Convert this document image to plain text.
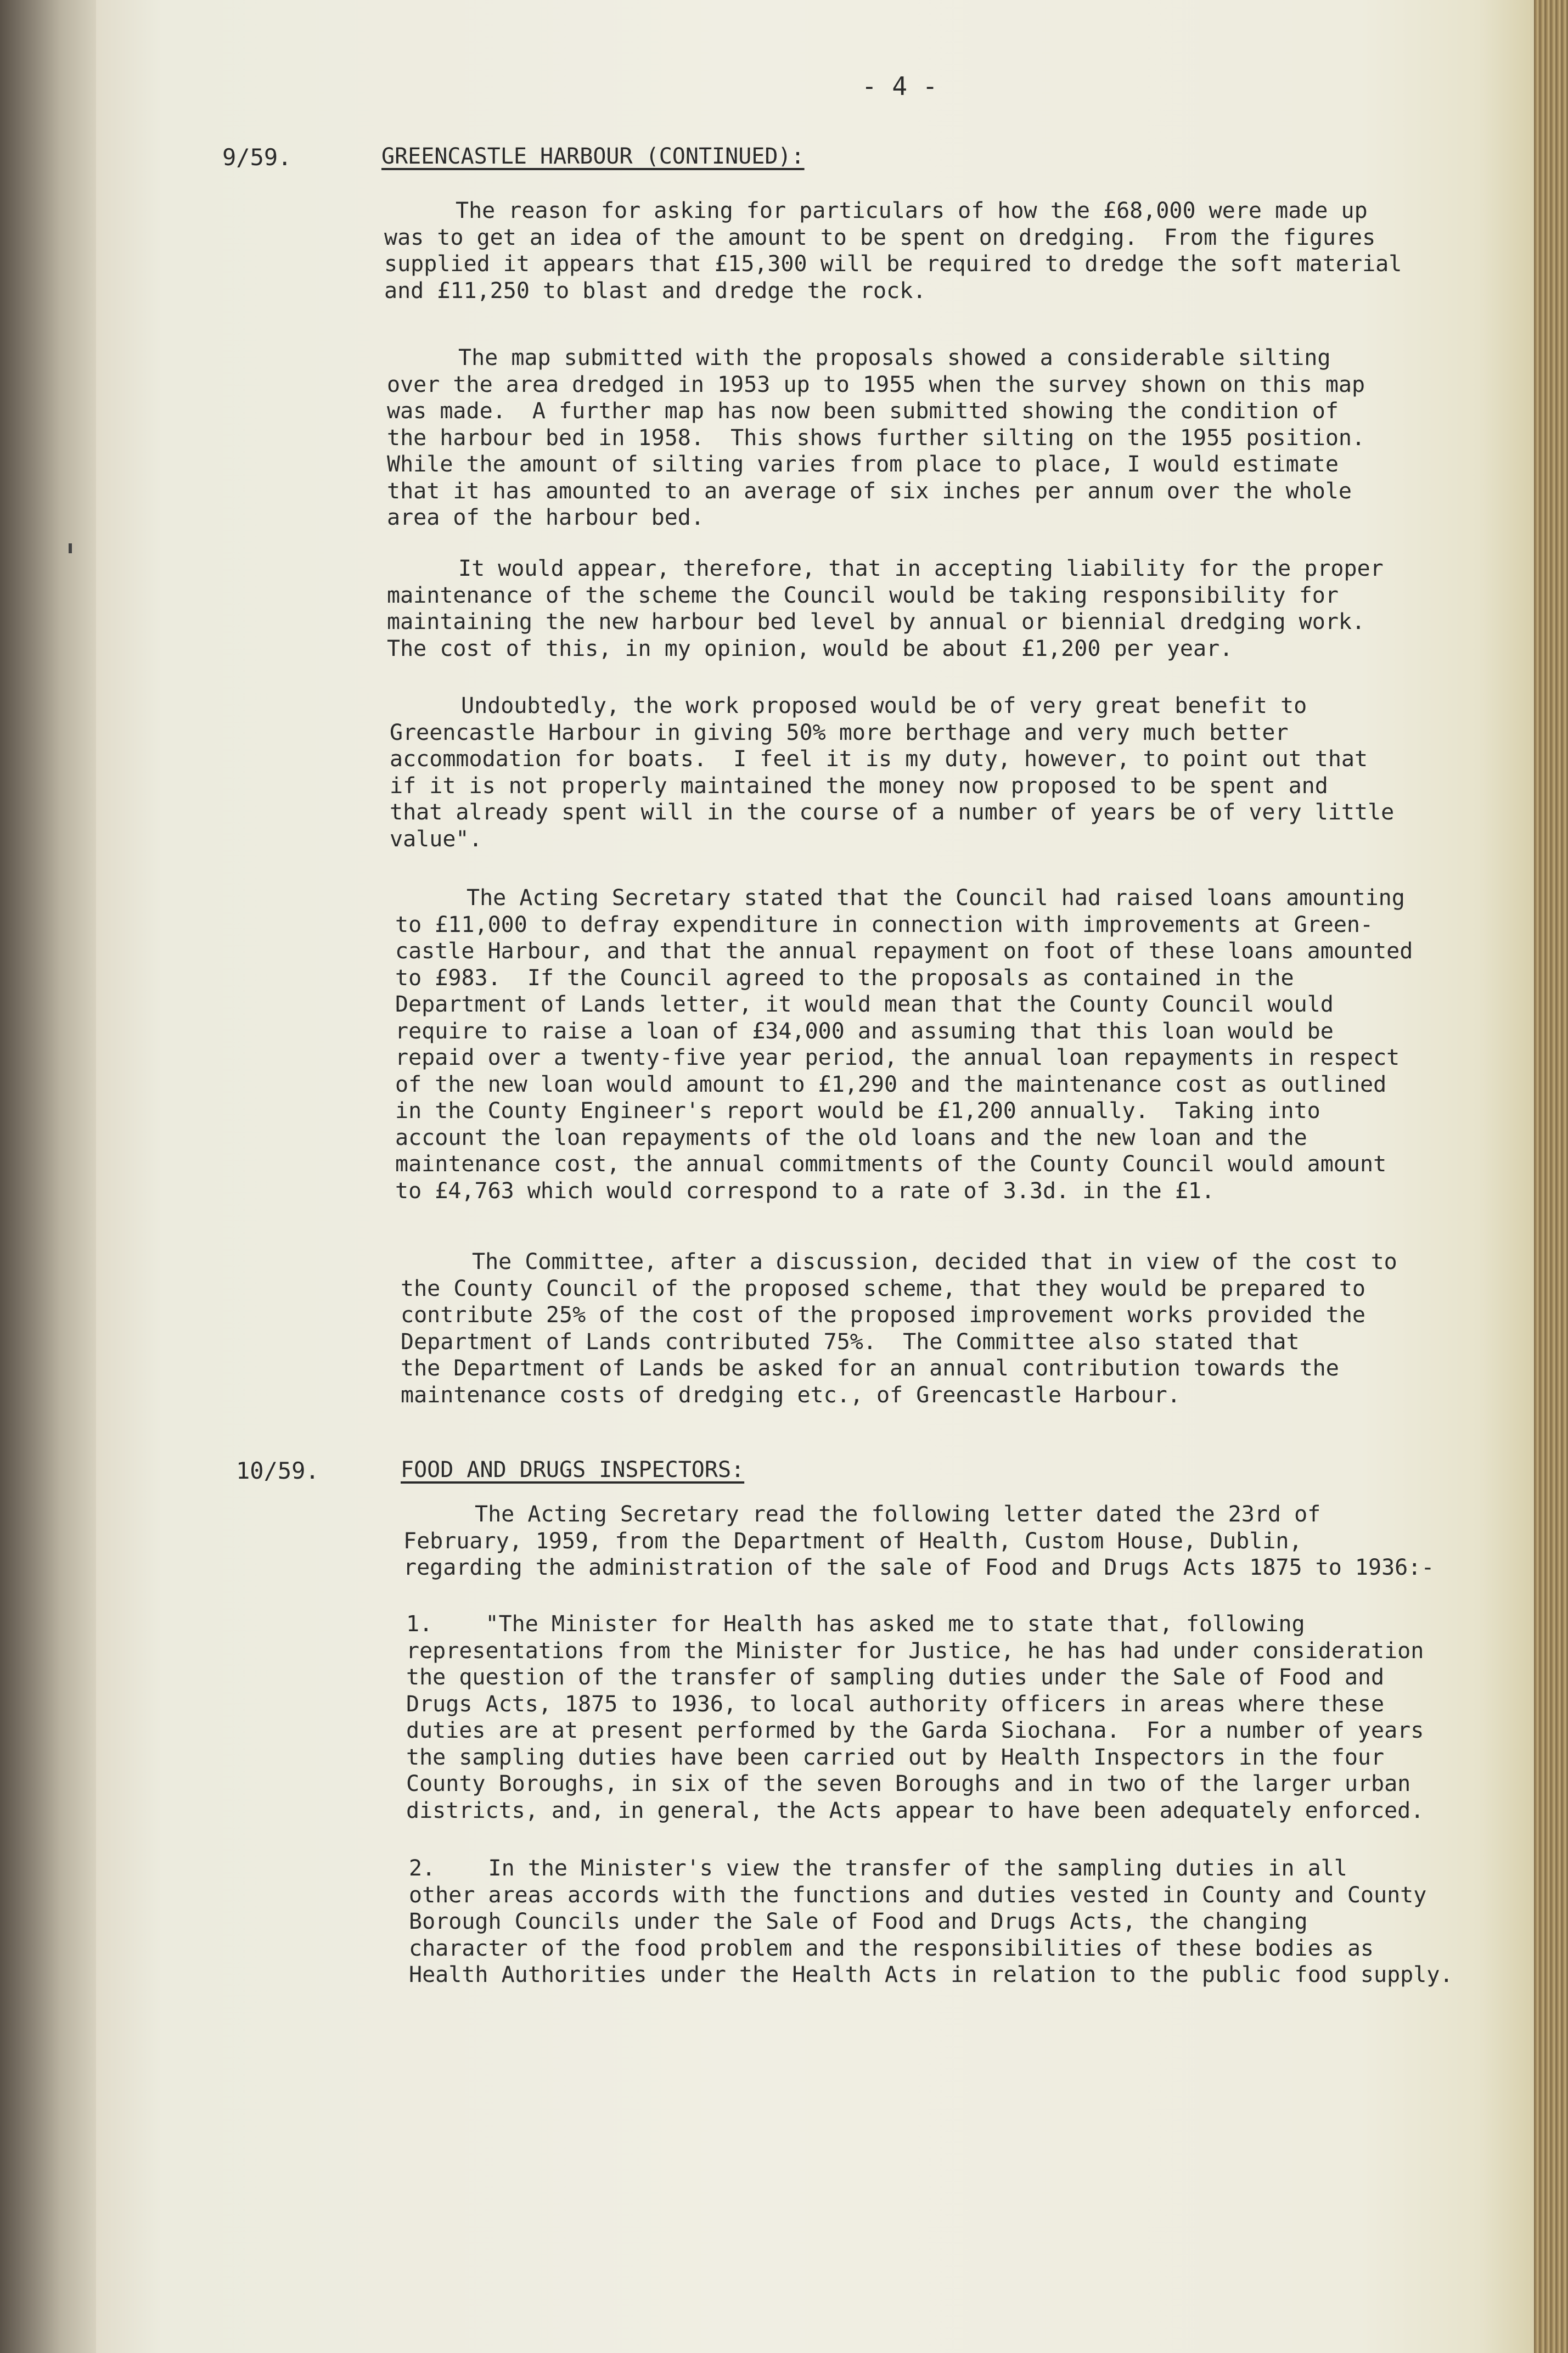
- 4 -
9/59.	GREENCASTLE HARBOUR (CONTINUED):
The reason for asking for particulars of how the £68,000 were made up
was to get an idea of the amount to be spent on dredging.  From the figures
supplied it appears that £15,300 will be required to dredge the soft material
and £11,250 to blast and dredge the rock.
The map submitted with the proposals showed a considerable silting
over the area dredged in 1953 up to 1955 when the survey shown on this map
was made.  A further map has now been submitted showing the condition of
the harbour bed in 1958.  This shows further silting on the 1955 position.
While the amount of silting varies from place to place, I would estimate
that it has amounted to an average of six inches per annum over the whole
area of the harbour bed.
It would appear, therefore, that in accepting liability for the proper
maintenance of the scheme the Council would be taking responsibility for
maintaining the new harbour bed level by annual or biennial dredging work.
The cost of this, in my opinion, would be about £1,200 per year.
Undoubtedly, the work proposed would be of very great benefit to
Greencastle Harbour in giving 50% more berthage and very much better
accommodation for boats.  I feel it is my duty, however, to point out that
if it is not properly maintained the money now proposed to be spent and
that already spent will in the course of a number of years be of very little
value".
The Acting Secretary stated that the Council had raised loans amounting
to £11,000 to defray expenditure in connection with improvements at Green-
castle Harbour, and that the annual repayment on foot of these loans amounted
to £983.  If the Council agreed to the proposals as contained in the
Department of Lands letter, it would mean that the County Council would
require to raise a loan of £34,000 and assuming that this loan would be
repaid over a twenty-five year period, the annual loan repayments in respect
of the new loan would amount to £1,290 and the maintenance cost as outlined
in the County Engineer's report would be £1,200 annually.  Taking into
account the loan repayments of the old loans and the new loan and the
maintenance cost, the annual commitments of the County Council would amount
to £4,763 which would correspond to a rate of 3.3d. in the £1.
The Committee, after a discussion, decided that in view of the cost to
the County Council of the proposed scheme, that they would be prepared to
contribute 25% of the cost of the proposed improvement works provided the
Department of Lands contributed 75%.  The Committee also stated that
the Department of Lands be asked for an annual contribution towards the
maintenance costs of dredging etc., of Greencastle Harbour.
10/59.	FOOD AND DRUGS INSPECTORS:
The Acting Secretary read the following letter dated the 23rd of
February, 1959, from the Department of Health, Custom House, Dublin,
regarding the administration of the sale of Food and Drugs Acts 1875 to 1936:-
1.    "The Minister for Health has asked me to state that, following
representations from the Minister for Justice, he has had under consideration
the question of the transfer of sampling duties under the Sale of Food and
Drugs Acts, 1875 to 1936, to local authority officers in areas where these
duties are at present performed by the Garda Siochana.  For a number of years
the sampling duties have been carried out by Health Inspectors in the four
County Boroughs, in six of the seven Boroughs and in two of the larger urban
districts, and, in general, the Acts appear to have been adequately enforced.
2.    In the Minister's view the transfer of the sampling duties in all
other areas accords with the functions and duties vested in County and County
Borough Councils under the Sale of Food and Drugs Acts, the changing
character of the food problem and the responsibilities of these bodies as
Health Authorities under the Health Acts in relation to the public food supply.
